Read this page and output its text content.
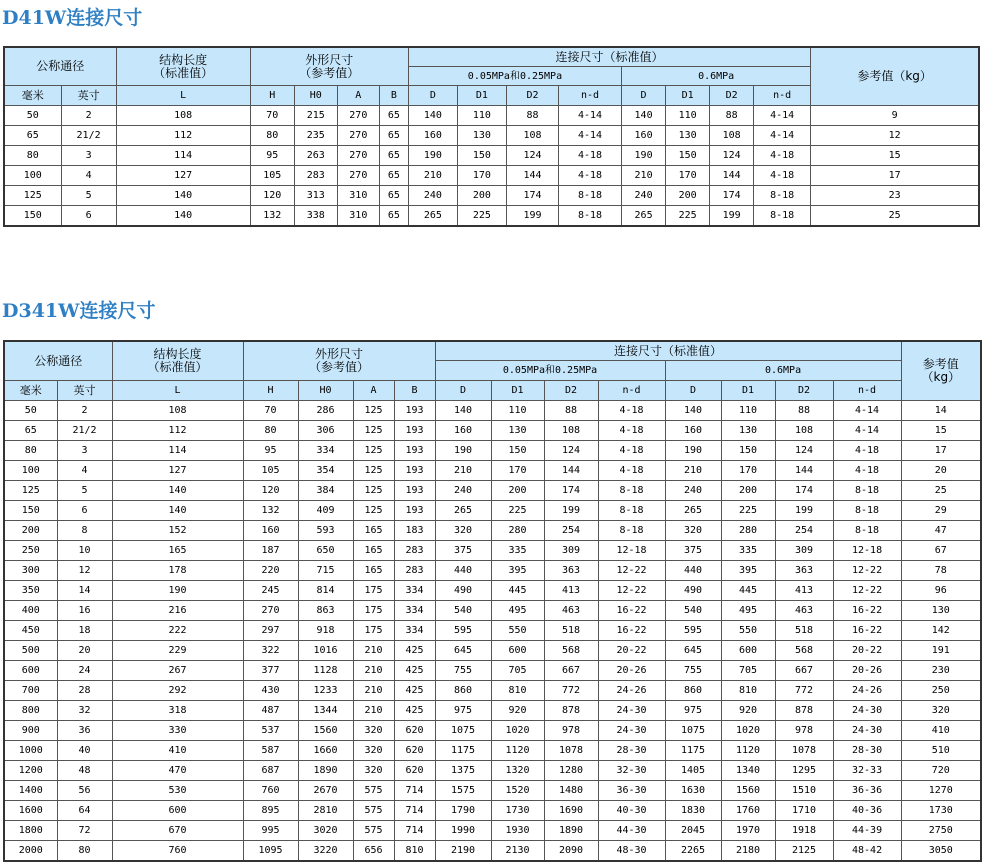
D41W连接尺寸
公称通径		结构长度
（标准值）	外形尺寸
（参考值）				连接尺寸（标准值）								参考值（kg）
							0.05MPa和0.25MPa				0.6MPa				
毫米	英寸	L	H	H0	A	B	D	D1	D2	n-d	D	D1	D2	n-d	
50	2	108	70	215	270	65	140	110	88	4-14	140	110	88	4-14	9
65	21/2	112	80	235	270	65	160	130	108	4-14	160	130	108	4-14	12
80	3	114	95	263	270	65	190	150	124	4-18	190	150	124	4-18	15
100	4	127	105	283	270	65	210	170	144	4-18	210	170	144	4-18	17
125	5	140	120	313	310	65	240	200	174	8-18	240	200	174	8-18	23
150	6	140	132	338	310	65	265	225	199	8-18	265	225	199	8-18	25
D341W连接尺寸
公称通径		结构长度
（标准值）	外形尺寸
（参考值）				连接尺寸（标准值）								参考值
（kg）

							0.05MPa和0.25MPa				0.6MPa				
毫米	英寸	L	H	H0	A	B	D	D1	D2	n-d	D	D1	D2	n-d	
50	2	108	70	286	125	193	140	110	88	4-18	140	110	88	4-14	14
65	21/2	112	80	306	125	193	160	130	108	4-18	160	130	108	4-14	15
80	3	114	95	334	125	193	190	150	124	4-18	190	150	124	4-18	17
100	4	127	105	354	125	193	210	170	144	4-18	210	170	144	4-18	20
125	5	140	120	384	125	193	240	200	174	8-18	240	200	174	8-18	25
150	6	140	132	409	125	193	265	225	199	8-18	265	225	199	8-18	29
200	8	152	160	593	165	183	320	280	254	8-18	320	280	254	8-18	47
250	10	165	187	650	165	283	375	335	309	12-18	375	335	309	12-18	67
300	12	178	220	715	165	283	440	395	363	12-22	440	395	363	12-22	78
350	14	190	245	814	175	334	490	445	413	12-22	490	445	413	12-22	96
400	16	216	270	863	175	334	540	495	463	16-22	540	495	463	16-22	130
450	18	222	297	918	175	334	595	550	518	16-22	595	550	518	16-22	142
500	20	229	322	1016	210	425	645	600	568	20-22	645	600	568	20-22	191
600	24	267	377	1128	210	425	755	705	667	20-26	755	705	667	20-26	230
700	28	292	430	1233	210	425	860	810	772	24-26	860	810	772	24-26	250
800	32	318	487	1344	210	425	975	920	878	24-30	975	920	878	24-30	320
900	36	330	537	1560	320	620	1075	1020	978	24-30	1075	1020	978	24-30	410
1000	40	410	587	1660	320	620	1175	1120	1078	28-30	1175	1120	1078	28-30	510
1200	48	470	687	1890	320	620	1375	1320	1280	32-30	1405	1340	1295	32-33	720
1400	56	530	760	2670	575	714	1575	1520	1480	36-30	1630	1560	1510	36-36	1270
1600	64	600	895	2810	575	714	1790	1730	1690	40-30	1830	1760	1710	40-36	1730
1800	72	670	995	3020	575	714	1990	1930	1890	44-30	2045	1970	1918	44-39	2750
2000	80	760	1095	3220	656	810	2190	2130	2090	48-30	2265	2180	2125	48-42	3050
